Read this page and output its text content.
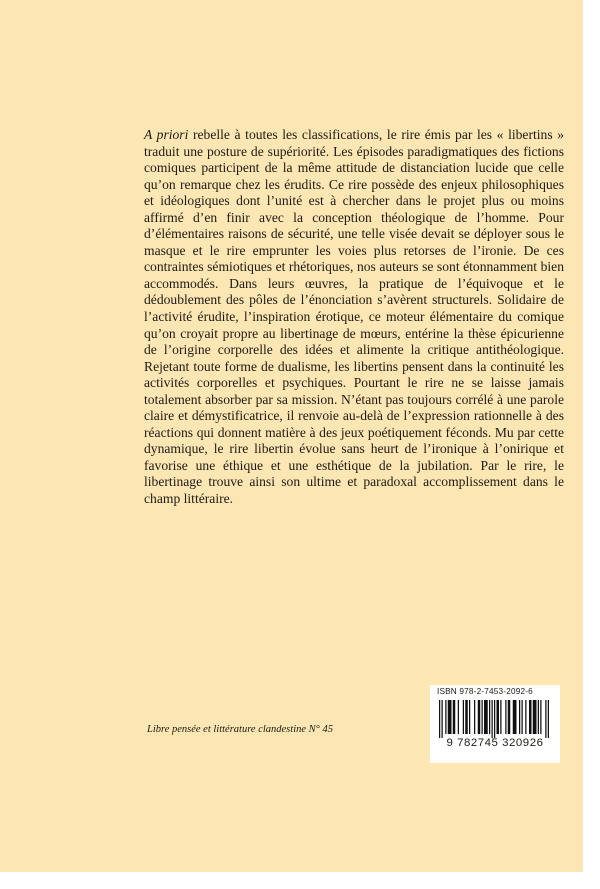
A priori rebelle à toutes les classifications, le rire émis par les « libertins » traduit une posture de supériorité. Les épisodes paradigmatiques des fictions comiques participent de la même attitude de distanciation lucide que celle qu’on remarque chez les érudits. Ce rire possède des enjeux philosophiques et idéologiques dont l’unité est à chercher dans le projet plus ou moins affirmé d’en finir avec la conception théologique de l’homme. Pour d’élémentaires raisons de sécurité, une telle visée devait se déployer sous le masque et le rire emprunter les voies plus retorses de l’ironie. De ces contraintes sémiotiques et rhétoriques, nos auteurs se sont étonnamment bien accommodés. Dans leurs œuvres, la pratique de l’équivoque et le dédoublement des pôles de l’énonciation s’avèrent structurels. Solidaire de l’activité érudite, l’inspiration érotique, ce moteur élémentaire du comique qu’on croyait propre au libertinage de mœurs, entérine la thèse épicurienne de l’origine corporelle des idées et alimente la critique antithéologique. Rejetant toute forme de dualisme, les libertins pensent dans la continuité les activités corporelles et psychiques. Pourtant le rire ne se laisse jamais totalement absorber par sa mission. N’étant pas toujours corrélé à une parole claire et démystificatrice, il renvoie au-delà de l’expression rationnelle à des réactions qui donnent matière à des jeux poétiquement féconds. Mu par cette dynamique, le rire libertin évolue sans heurt de l’ironique à l’onirique et favorise une éthique et une esthétique de la jubilation. Par le rire, le libertinage trouve ainsi son ultime et paradoxal accomplissement dans le champ littéraire.

Libre pensée et littérature clandestine N° 45
ISBN 978-2-7453-2092-6
9 782745 320926
